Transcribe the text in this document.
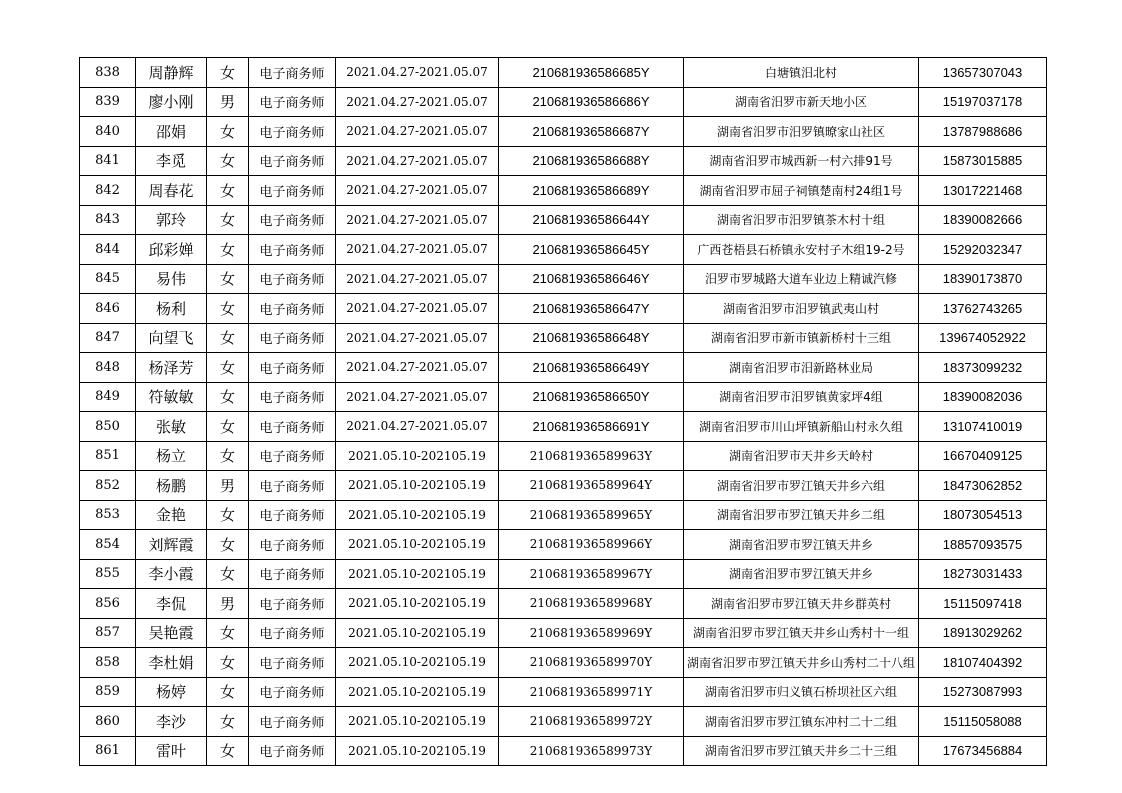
838	周静辉	女	电子商务师	2021.04.27-2021.05.07	210681936586685Y	白塘镇汨北村	13657307043
839	廖小刚	男	电子商务师	2021.04.27-2021.05.07	210681936586686Y	湖南省汨罗市新天地小区	15197037178
840	邵娟	女	电子商务师	2021.04.27-2021.05.07	210681936586687Y	湖南省汨罗市汨罗镇暸家山社区	13787988686
841	李觅	女	电子商务师	2021.04.27-2021.05.07	210681936586688Y	湖南省汨罗市城西新一村六排91号	15873015885
842	周春花	女	电子商务师	2021.04.27-2021.05.07	210681936586689Y	湖南省汨罗市屈子祠镇楚南村24组1号	13017221468
843	郭玲	女	电子商务师	2021.04.27-2021.05.07	210681936586644Y	湖南省汨罗市汨罗镇茶木村十组	18390082666
844	邱彩婵	女	电子商务师	2021.04.27-2021.05.07	210681936586645Y	广西苍梧县石桥镇永安村子木组19-2号	15292032347
845	易伟	女	电子商务师	2021.04.27-2021.05.07	210681936586646Y	汨罗市罗城路大道车业边上精诚汽修	18390173870
846	杨利	女	电子商务师	2021.04.27-2021.05.07	210681936586647Y	湖南省汨罗市汨罗镇武夷山村	13762743265
847	向望飞	女	电子商务师	2021.04.27-2021.05.07	210681936586648Y	湖南省汨罗市新市镇新桥村十三组	139674052922
848	杨泽芳	女	电子商务师	2021.04.27-2021.05.07	210681936586649Y	湖南省汨罗市汨新路林业局	18373099232
849	符敏敏	女	电子商务师	2021.04.27-2021.05.07	210681936586650Y	湖南省汨罗市汨罗镇黄家坪4组	18390082036
850	张敏	女	电子商务师	2021.04.27-2021.05.07	210681936586691Y	湖南省汨罗市川山坪镇新船山村永久组	13107410019
851	杨立	女	电子商务师	2021.05.10-202105.19	210681936589963Y	湖南省汨罗市天井乡天岭村	16670409125
852	杨鹏	男	电子商务师	2021.05.10-202105.19	210681936589964Y	湖南省汨罗市罗江镇天井乡六组	18473062852
853	金艳	女	电子商务师	2021.05.10-202105.19	210681936589965Y	湖南省汨罗市罗江镇天井乡二组	18073054513
854	刘辉霞	女	电子商务师	2021.05.10-202105.19	210681936589966Y	湖南省汨罗市罗江镇天井乡	18857093575
855	李小霞	女	电子商务师	2021.05.10-202105.19	210681936589967Y	湖南省汨罗市罗江镇天井乡	18273031433
856	李侃	男	电子商务师	2021.05.10-202105.19	210681936589968Y	湖南省汨罗市罗江镇天井乡群英村	15115097418
857	吴艳霞	女	电子商务师	2021.05.10-202105.19	210681936589969Y	湖南省汨罗市罗江镇天井乡山秀村十一组	18913029262
858	李杜娟	女	电子商务师	2021.05.10-202105.19	210681936589970Y	湖南省汨罗市罗江镇天井乡山秀村二十八组	18107404392
859	杨婷	女	电子商务师	2021.05.10-202105.19	210681936589971Y	湖南省汨罗市归义镇石桥坝社区六组	15273087993
860	李沙	女	电子商务师	2021.05.10-202105.19	210681936589972Y	湖南省汨罗市罗江镇东冲村二十二组	15115058088
861	雷叶	女	电子商务师	2021.05.10-202105.19	210681936589973Y	湖南省汨罗市罗江镇天井乡二十三组	17673456884
